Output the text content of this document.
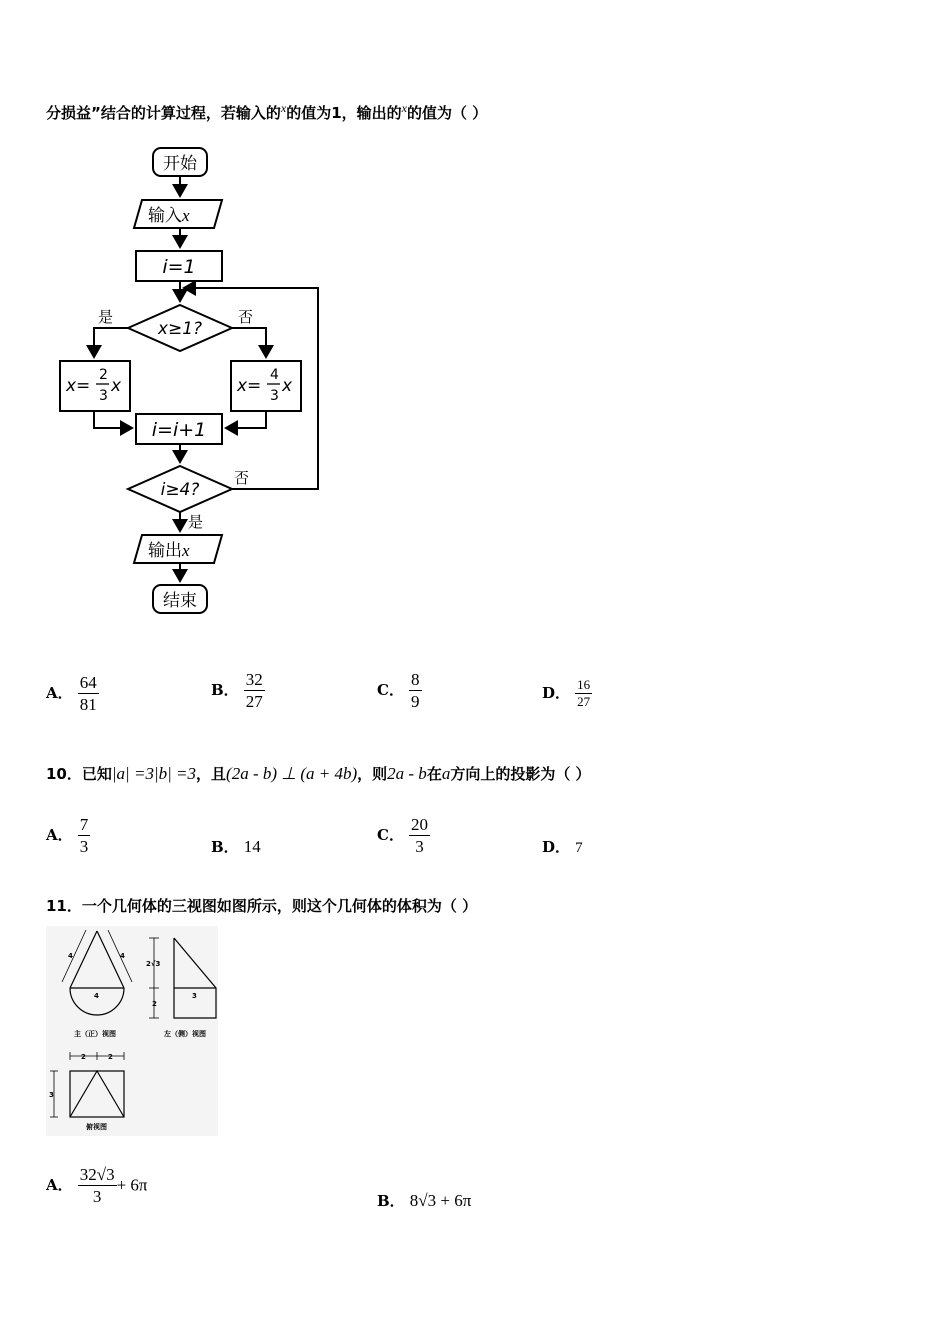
分损益”结合的计算过程，若输入的$^x$的值为1，输出的$^x$的值为（ ）
开始
输入x
i=1
x≥1?
是	否
x=
2
3 x	x=
4
3 x
i=i+1
i≥4?
否
是
输出x
结束
A． $\frac{64}{81}$	B． $\frac{32}{27}$	C． $\frac{8}{9}$	D． $\frac{16}{27}$
10．已知|a| =3|b| =3，且(2a - b) ⊥ (a + 4b)，则2a - b在a方向上的投影为（ ）
A． $\frac{7}{3}$	B． 14
C． $\frac{20}{3}$	D． 7
11．一个几何体的三视图如图所示，则这个几何体的体积为（ ）
4	4
4
2√3
2
3
3
2	2
主（正）视图	左（侧）视图
俯视图
A． $\frac{32√3}{3} + 6\pi$
B． 8√3 + 6π
